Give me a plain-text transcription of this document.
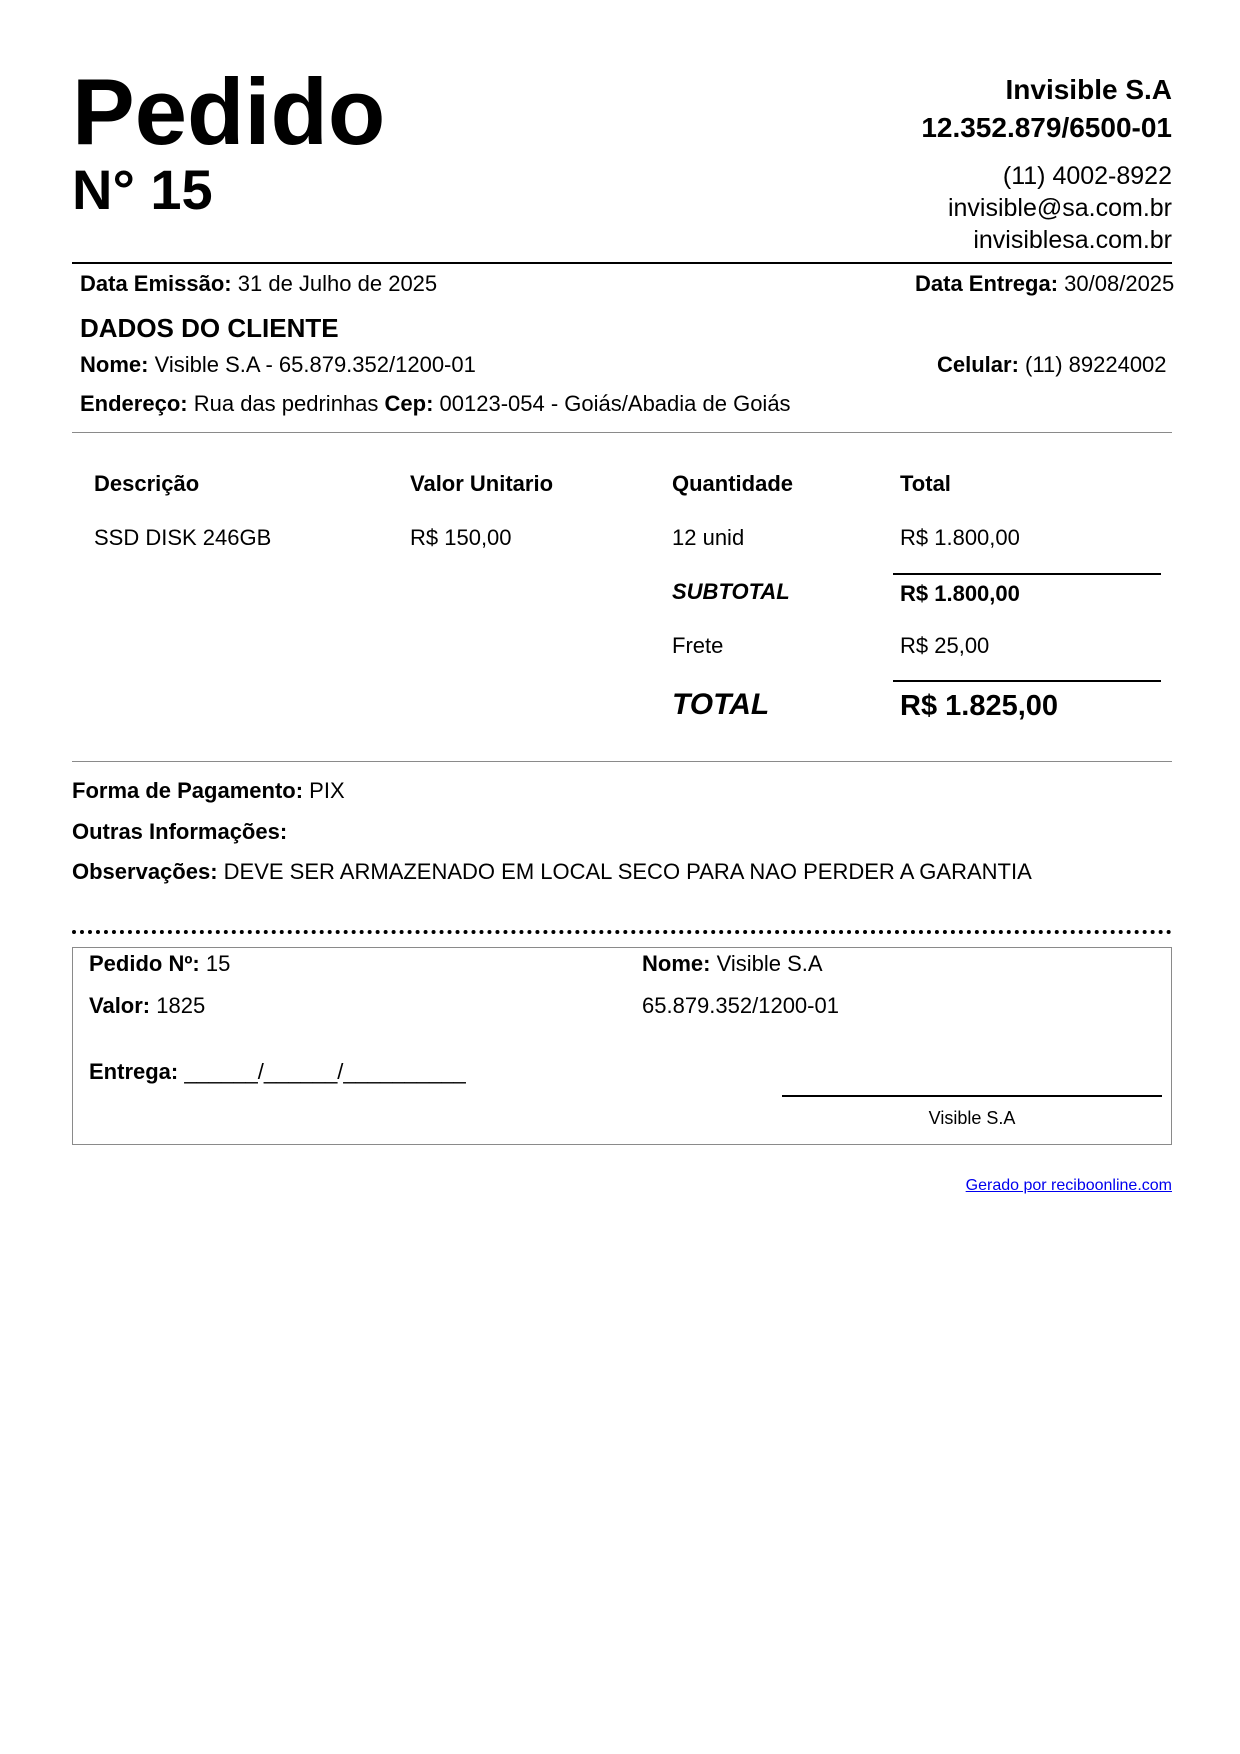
Pedido
N° 15
Invisible S.A
12.352.879/6500-01
(11) 4002-8922
invisible@sa.com.br
invisiblesa.com.br
Data Emissão: 31 de Julho de 2025	Data Entrega: 30/08/2025
DADOS DO CLIENTE
Nome: Visible S.A - 65.879.352/1200-01	Celular: (11) 89224002
Endereço: Rua das pedrinhas Cep: 00123-054 - Goiás/Abadia de Goiás
Descrição	Valor Unitario	Quantidade	Total
SSD DISK 246GB	R$ 150,00	12 unid	R$ 1.800,00
SUBTOTAL	R$ 1.800,00
Frete	R$ 25,00
TOTAL	R$ 1.825,00
Forma de Pagamento: PIX
Outras Informações:
Observações: DEVE SER ARMAZENADO EM LOCAL SECO PARA NAO PERDER A GARANTIA
Pedido Nº: 15	Nome: Visible S.A
Valor: 1825	65.879.352/1200-01
Entrega: ______/______/__________
Visible S.A
Gerado por reciboonline.com
